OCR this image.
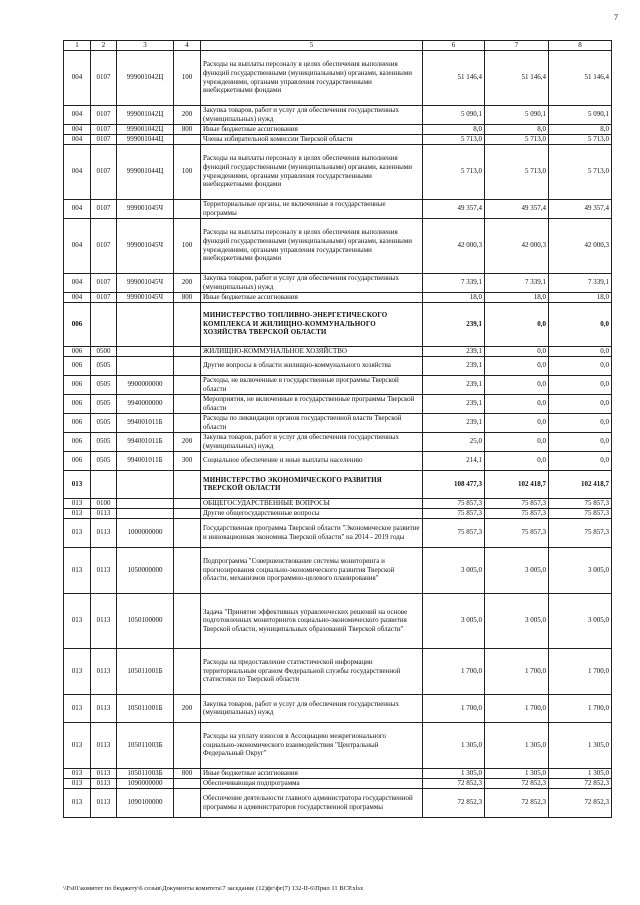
7
1	2	3	4	5	6	7	8
004	0107	999001042Ц	100	Расходы на выплаты персоналу в целях обеспечения выполнения функций государственными (муниципальными) органами, казенными учреждениями, органами управления государственными внебюджетными фондами	51 146,4	51 146,4	51 146,4
004	0107	999001042Ц	200	Закупка товаров, работ и услуг для обеспечения государственных (муниципальных) нужд	5 090,1	5 090,1	5 090,1
004	0107	999001042Ц	800	Иные бюджетные ассигнования	8,0	8,0	8,0
004	0107	999001044Ц		Члены избирательной комиссии Тверской области	5 713,0	5 713,0	5 713,0
004	0107	999001044Ц	100	Расходы на выплаты персоналу в целях обеспечения выполнения функций государственными (муниципальными) органами, казенными учреждениями, органами управления государственными внебюджетными фондами	5 713,0	5 713,0	5 713,0
004	0107	999001045Ч		Территориальные органы, не включенные в государственные программы	49 357,4	49 357,4	49 357,4
004	0107	999001045Ч	100	Расходы на выплаты персоналу в целях обеспечения выполнения функций государственными (муниципальными) органами, казенными учреждениями, органами управления государственными внебюджетными фондами	42 000,3	42 000,3	42 000,3
004	0107	999001045Ч	200	Закупка товаров, работ и услуг для обеспечения государственных (муниципальных) нужд	7 339,1	7 339,1	7 339,1
004	0107	999001045Ч	800	Иные бюджетные ассигнования	18,0	18,0	18,0
006				МИНИСТЕРСТВО ТОПЛИВНО-ЭНЕРГЕТИЧЕСКОГО КОМПЛЕКСА И ЖИЛИЩНО-КОММУНАЛЬНОГО ХОЗЯЙСТВА ТВЕРСКОЙ ОБЛАСТИ	239,1	0,0	0,0
006	0500			ЖИЛИЩНО-КОММУНАЛЬНОЕ ХОЗЯЙСТВО	239,1	0,0	0,0
006	0505			Другие вопросы в области жилищно-коммунального хозяйства	239,1	0,0	0,0
006	0505	9900000000		Расходы, не включенные в государственные программы Тверской области	239,1	0,0	0,0
006	0505	9940000000		Мероприятия, не включенные в государственные программы Тверской области	239,1	0,0	0,0
006	0505	994001011Б		Расходы по ликвидации органов государственной власти Тверской области	239,1	0,0	0,0
006	0505	994001011Б	200	Закупка товаров, работ и услуг для обеспечения государственных (муниципальных) нужд	25,0	0,0	0,0
006	0505	994001011Б	300	Социальное обеспечение и иные выплаты населению	214,1	0,0	0,0
013				МИНИСТЕРСТВО ЭКОНОМИЧЕСКОГО РАЗВИТИЯ ТВЕРСКОЙ ОБЛАСТИ	108 477,3	102 418,7	102 418,7
013	0100			ОБЩЕГОСУДАРСТВЕННЫЕ ВОПРОСЫ	75 857,3	75 857,3	75 857,3
013	0113			Другие общегосударственные вопросы	75 857,3	75 857,3	75 857,3
013	0113	1000000000		Государственная программа Тверской области "Экономическое развитие и инновационная экономика Тверской области" на 2014 - 2019 годы	75 857,3	75 857,3	75 857,3
013	0113	1050000000		Подпрограмма "Совершенствование системы мониторинга и прогнозирования социально-экономического развития Тверской области, механизмов программно-целевого планирования"	3 005,0	3 005,0	3 005,0
013	0113	1050100000		Задача "Принятие эффективных управленческих решений на основе подготовленных мониторингов социально-экономического развития Тверской области, муниципальных образований Тверской области"	3 005,0	3 005,0	3 005,0
013	0113	105011001Б		Расходы на предоставление статистической информации территориальным органом Федеральной службы государственной статистики по Тверской области	1 700,0	1 700,0	1 700,0
013	0113	105011001Б	200	Закупка товаров, работ и услуг для обеспечения государственных (муниципальных) нужд	1 700,0	1 700,0	1 700,0
013	0113	105011003Б		Расходы на уплату взносов в Ассоциацию межрегионального социально-экономического взаимодействия "Центральный Федеральный Округ"	1 305,0	1 305,0	1 305,0
013	0113	105011003Б	800	Иные бюджетные ассигнования	1 305,0	1 305,0	1 305,0
013	0113	1090000000		Обеспечивающая подпрограмма	72 852,3	72 852,3	72 852,3
013	0113	1090100000		Обеспечение деятельности главного администратора государственной программы и администраторов государственной программы	72 852,3	72 852,3	72 852,3
\\Fs01\комитет по бюджету\6 созыв\Документы комитета\7 заседание (12)фг\фг(7) 132-II-6\Прил 11 ВСР.xlsx
